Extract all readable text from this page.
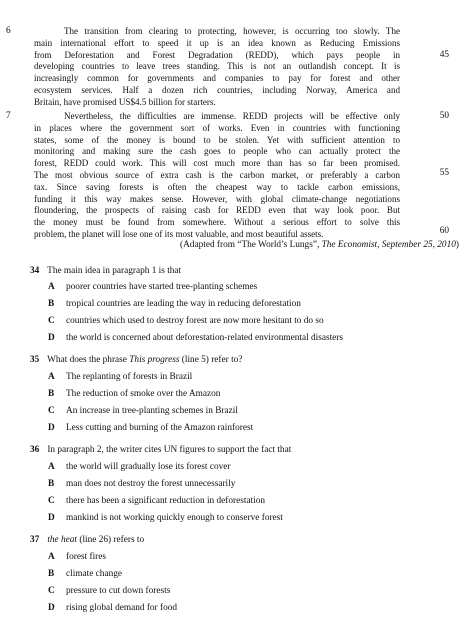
6	The transition from clearing to protecting, however, is occurring too slowly. The
main international effort to speed it up is an idea known as Reducing Emissions
from Deforestation and Forest Degradation (REDD), which pays people in
developing countries to leave trees standing. This is not an outlandish concept. It is
increasingly common for governments and companies to pay for forest and other
ecosystem services. Half a dozen rich countries, including Norway, America and
Britain, have promised US$4.5 billion for starters.
45
7	Nevertheless, the difficulties are immense. REDD projects will be effective only
in places where the government sort of works. Even in countries with functioning
states, some of the money is bound to be stolen. Yet with sufficient attention to
monitoring and making sure the cash goes to people who can actually protect the
forest, REDD could work. This will cost much more than has so far been promised.
The most obvious source of extra cash is the carbon market, or preferably a carbon
tax. Since saving forests is often the cheapest way to tackle carbon emissions,
funding it this way makes sense. However, with global climate-change negotiations
floundering, the prospects of raising cash for REDD even that way look poor. But
the money must be found from somewhere. Without a serious effort to solve this
problem, the planet will lose one of its most valuable, and most beautiful assets.
50
55
60
(Adapted from “The World’s Lungs”, The Economist, September 25, 2010)
34 The main idea in paragraph 1 is that
A poorer countries have started tree-planting schemes
B tropical countries are leading the way in reducing deforestation
C countries which used to destroy forest are now more hesitant to do so
D the world is concerned about deforestation-related environmental disasters
35 What does the phrase This progress (line 5) refer to?
A The replanting of forests in Brazil
B The reduction of smoke over the Amazon
C An increase in tree-planting schemes in Brazil
D Less cutting and burning of the Amazon rainforest
36 In paragraph 2, the writer cites UN figures to support the fact that
A the world will gradually lose its forest cover
B man does not destroy the forest unnecessarily
C there has been a significant reduction in deforestation
D mankind is not working quickly enough to conserve forest
37 the heat (line 26) refers to
A forest fires
B climate change
C pressure to cut down forests
D rising global demand for food
